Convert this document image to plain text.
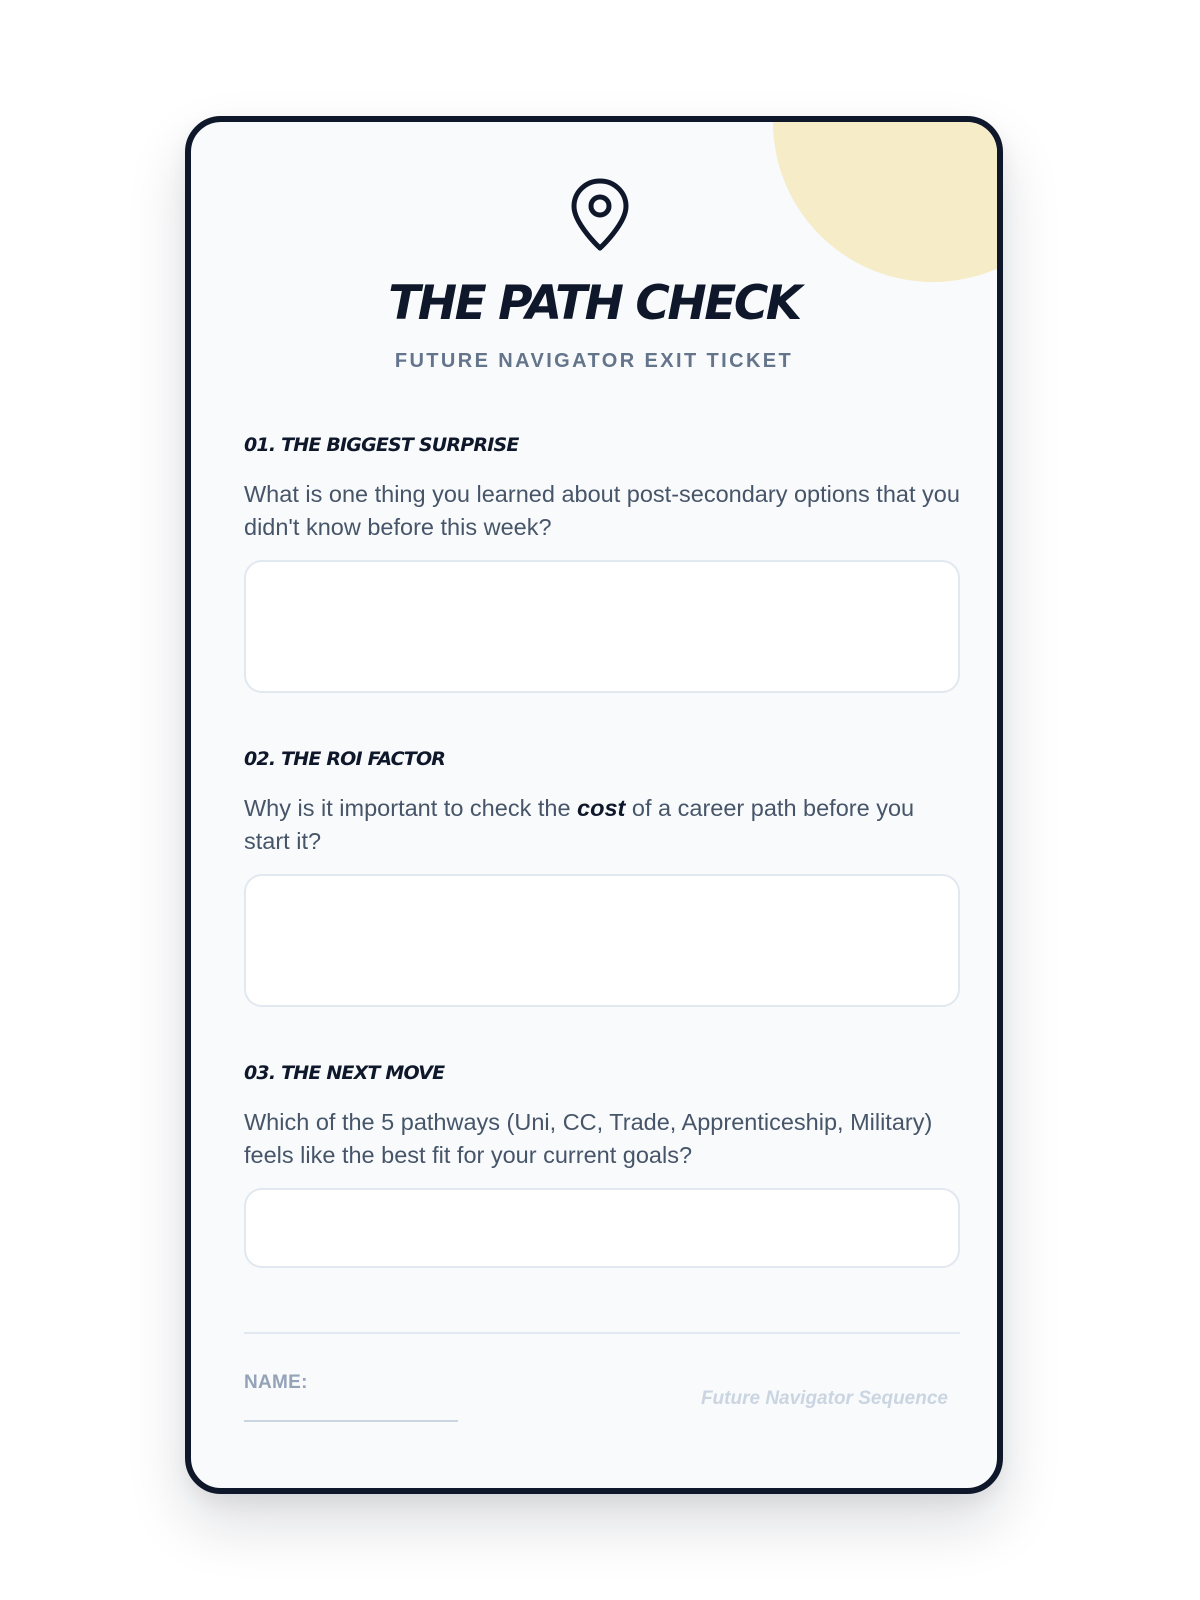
THE PATH CHECK
FUTURE NAVIGATOR EXIT TICKET
01. THE BIGGEST SURPRISE
What is one thing you learned about post-secondary options that you didn't know before this week?
02. THE ROI FACTOR
Why is it important to check the cost of a career path before you start it?
03. THE NEXT MOVE
Which of the 5 pathways (Uni, CC, Trade, Apprenticeship, Military) feels like the best fit for your current goals?
NAME:
Future Navigator Sequence
